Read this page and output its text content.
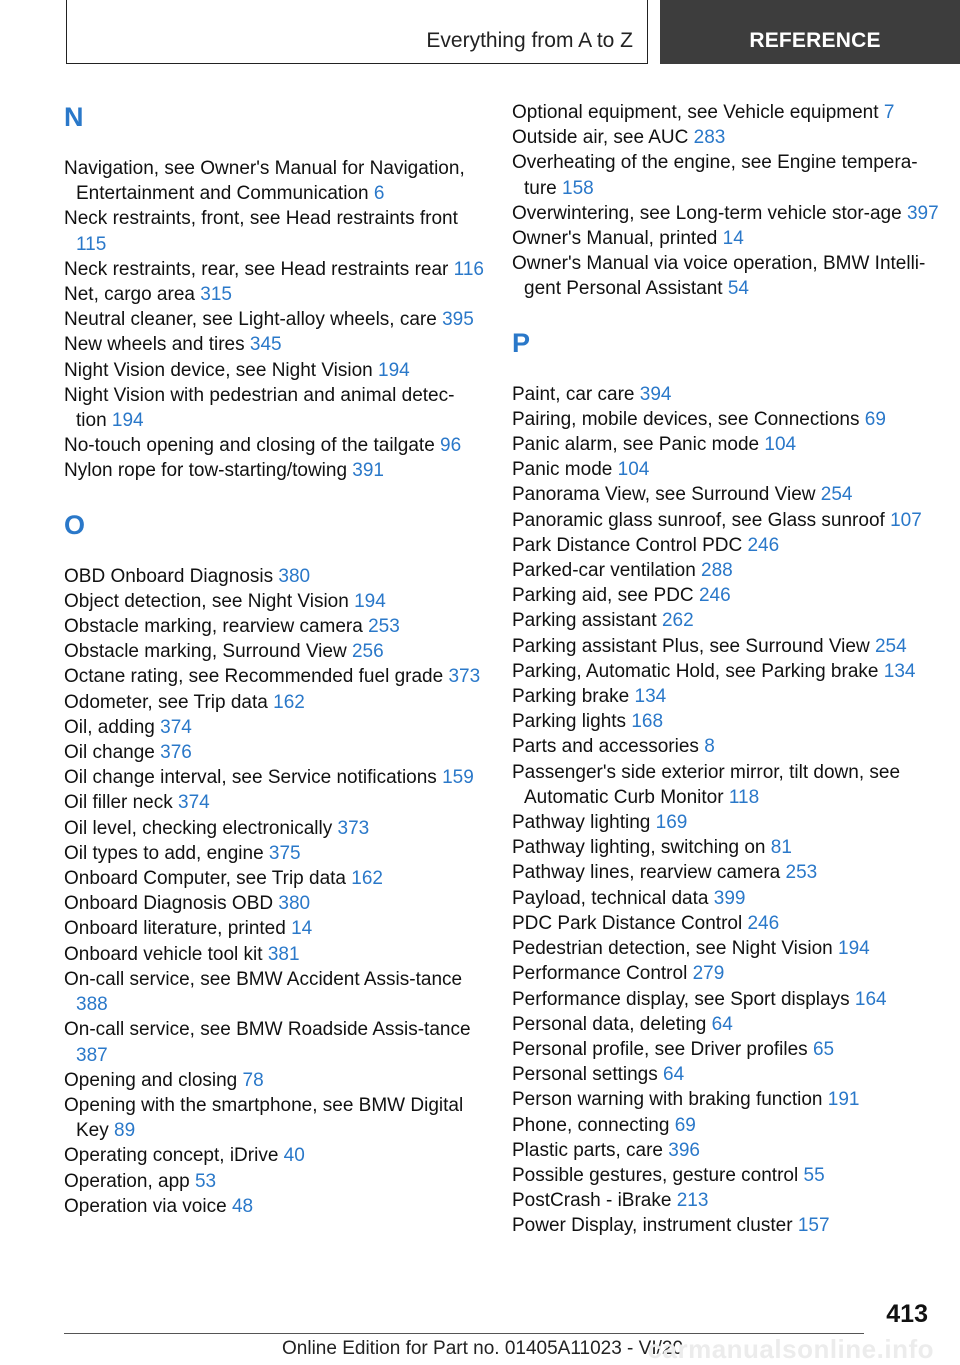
Everything from A to Z	REFERENCE
N
Navigation, see Owner's Manual for Navigation, Entertainment and Communication 6
Neck restraints, front, see Head restraints front 115
Neck restraints, rear, see Head restraints rear 116
Net, cargo area 315
Neutral cleaner, see Light-alloy wheels, care 395
New wheels and tires 345
Night Vision device, see Night Vision 194
Night Vision with pedestrian and animal detec-tion 194
No-touch opening and closing of the tailgate 96
Nylon rope for tow-starting/towing 391
O
OBD Onboard Diagnosis 380
Object detection, see Night Vision 194
Obstacle marking, rearview camera 253
Obstacle marking, Surround View 256
Octane rating, see Recommended fuel grade 373
Odometer, see Trip data 162
Oil, adding 374
Oil change 376
Oil change interval, see Service notifications 159
Oil filler neck 374
Oil level, checking electronically 373
Oil types to add, engine 375
Onboard Computer, see Trip data 162
Onboard Diagnosis OBD 380
Onboard literature, printed 14
Onboard vehicle tool kit 381
On-call service, see BMW Accident Assis-tance 388
On-call service, see BMW Roadside Assis-tance 387
Opening and closing 78
Opening with the smartphone, see BMW Digital Key 89
Operating concept, iDrive 40
Operation, app 53
Operation via voice 48
Optional equipment, see Vehicle equipment 7
Outside air, see AUC 283
Overheating of the engine, see Engine tempera-ture 158
Overwintering, see Long-term vehicle stor-age 397
Owner's Manual, printed 14
Owner's Manual via voice operation, BMW Intelli-gent Personal Assistant 54
P
Paint, car care 394
Pairing, mobile devices, see Connections 69
Panic alarm, see Panic mode 104
Panic mode 104
Panorama View, see Surround View 254
Panoramic glass sunroof, see Glass sunroof 107
Park Distance Control PDC 246
Parked-car ventilation 288
Parking aid, see PDC 246
Parking assistant 262
Parking assistant Plus, see Surround View 254
Parking, Automatic Hold, see Parking brake 134
Parking brake 134
Parking lights 168
Parts and accessories 8
Passenger's side exterior mirror, tilt down, see Automatic Curb Monitor 118
Pathway lighting 169
Pathway lighting, switching on 81
Pathway lines, rearview camera 253
Payload, technical data 399
PDC Park Distance Control 246
Pedestrian detection, see Night Vision 194
Performance Control 279
Performance display, see Sport displays 164
Personal data, deleting 64
Personal profile, see Driver profiles 65
Personal settings 64
Person warning with braking function 191
Phone, connecting 69
Plastic parts, care 396
Possible gestures, gesture control 55
PostCrash - iBrake 213
Power Display, instrument cluster 157
413
Online Edition for Part no. 01405A11023 - VI/20
carmanualsonline.info
